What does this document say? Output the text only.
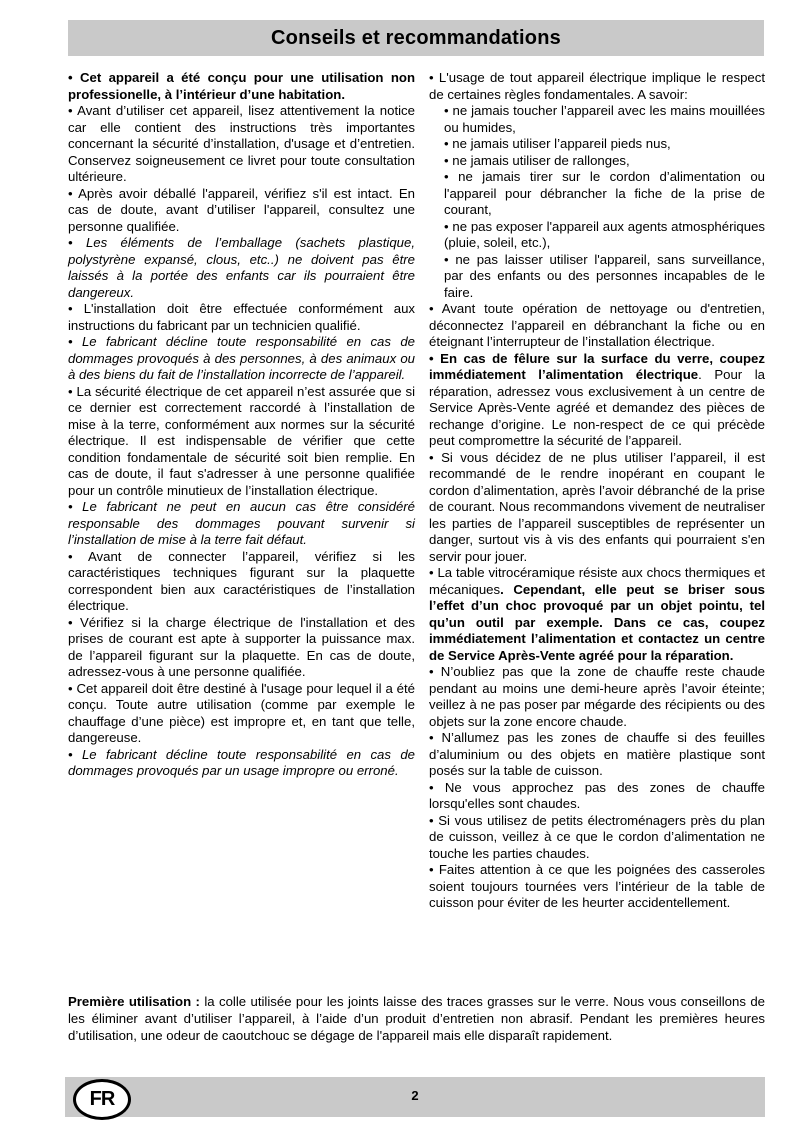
Conseils et recommandations

• Cet appareil a été conçu pour une utilisation non professionelle, à l’intérieur d’une habitation.

• Avant d’utiliser cet appareil, lisez attentivement la notice car elle contient des instructions très importantes concernant la sécurité d’installation, d'usage et d’entretien. Conservez soigneusement ce livret pour toute consultation ultérieure.

• Après avoir déballé l'appareil, vérifiez s'il est intact. En cas de doute, avant d’utiliser l'appareil, consultez une personne qualifiée.

• Les éléments de l’emballage (sachets plastique, polystyrène expansé, clous, etc..) ne doivent pas être laissés à la portée des enfants car ils pourraient être dangereux.

• L'installation doit être effectuée conformément aux instructions du fabricant par un technicien qualifié.

• Le fabricant décline toute responsabilité en cas de dommages provoqués à des personnes, à des animaux ou à des biens du fait de l’installation incorrecte de l’appareil.

• La sécurité électrique de cet appareil n’est assurée que si ce dernier est correctement raccordé à l’installation de mise à la terre, conformément aux normes sur la sécurité électrique. Il est indispensable de vérifier que cette condition fondamentale de sécurité soit bien remplie. En cas de doute, il faut s'adresser à une personne qualifiée pour un contrôle minutieux de l’installation électrique.

• Le fabricant ne peut en aucun cas être considéré responsable des dommages pouvant survenir si l’installation de mise à la terre fait défaut.

• Avant de connecter l’appareil, vérifiez si les caractéristiques techniques figurant sur la plaquette correspondent bien aux caractéristiques de l’installation électrique.

• Vérifiez si la charge électrique de l'installation et des prises de courant est apte à supporter la puissance max. de l’appareil figurant sur la plaquette. En cas de doute, adressez-vous à une personne qualifiée.

• Cet appareil doit être destiné à l'usage pour lequel il a été conçu. Toute autre utilisation (comme par exemple le chauffage d’une pièce) est impropre et, en tant que telle, dangereuse.

• Le fabricant décline toute responsabilité en cas de dommages provoqués par un usage impropre ou erroné.

• L'usage de tout appareil électrique implique le respect de certaines règles fondamentales. A savoir:

• ne jamais toucher l’appareil avec les mains mouillées ou humides,

• ne jamais utiliser l’appareil pieds nus,

• ne jamais utiliser de rallonges,

• ne jamais tirer sur le cordon d’alimentation ou l'appareil pour débrancher la fiche de la prise de courant,

• ne pas exposer l'appareil aux agents atmosphériques (pluie, soleil, etc.),

• ne pas laisser utiliser l'appareil, sans surveillance, par des enfants ou des personnes incapables de le faire.

• Avant toute opération de nettoyage ou d'entretien, déconnectez l’appareil en débranchant la fiche ou en éteignant l’interrupteur de l’installation électrique.

• En cas de fêlure sur la surface du verre, coupez immédiatement l’alimentation électrique. Pour la réparation, adressez vous exclusivement à un centre de Service Après-Vente agréé et demandez des pièces de rechange d’origine. Le non-respect de ce qui précède peut compromettre la sécurité de l’appareil.

• Si vous décidez de ne plus utiliser l’appareil, il est recommandé de le rendre inopérant en coupant le cordon d’alimentation, après l’avoir débranché de la prise de courant. Nous recommandons vivement de neutraliser les parties de l’appareil susceptibles de représenter un danger, surtout vis à vis des enfants qui pourraient s'en servir pour jouer.

• La table vitrocéramique résiste aux chocs thermiques et mécaniques. Cependant, elle peut se briser sous l’effet d’un choc provoqué par un objet pointu, tel qu’un outil par exemple. Dans ce cas, coupez immédiatement l’alimentation et contactez un centre de Service Après-Vente agréé pour la réparation.

• N’oubliez pas que la zone de chauffe reste chaude pendant au moins une demi-heure après l’avoir éteinte; veillez à ne pas poser par mégarde des récipients ou des objets sur la zone encore chaude.

• N’allumez pas les zones de chauffe si des feuilles d’aluminium ou des objets en matière plastique sont posés sur la table de cuisson.

• Ne vous approchez pas des zones de chauffe lorsqu'elles sont chaudes.

• Si vous utilisez de petits électroménagers près du plan de cuisson, veillez à ce que le cordon d’alimentation ne touche les parties chaudes.

• Faites attention à ce que les poignées des casseroles soient toujours tournées vers l’intérieur de la table de cuisson pour éviter de les heurter accidentellement.

Première utilisation : la colle utilisée pour les joints laisse des traces grasses sur le verre. Nous vous conseillons de les éliminer avant d’utiliser l’appareil, à l’aide d’un produit d’entretien non abrasif. Pendant les premières heures d’utilisation, une odeur de caoutchouc se dégage de l'appareil mais elle disparaît rapidement.

FR	2
